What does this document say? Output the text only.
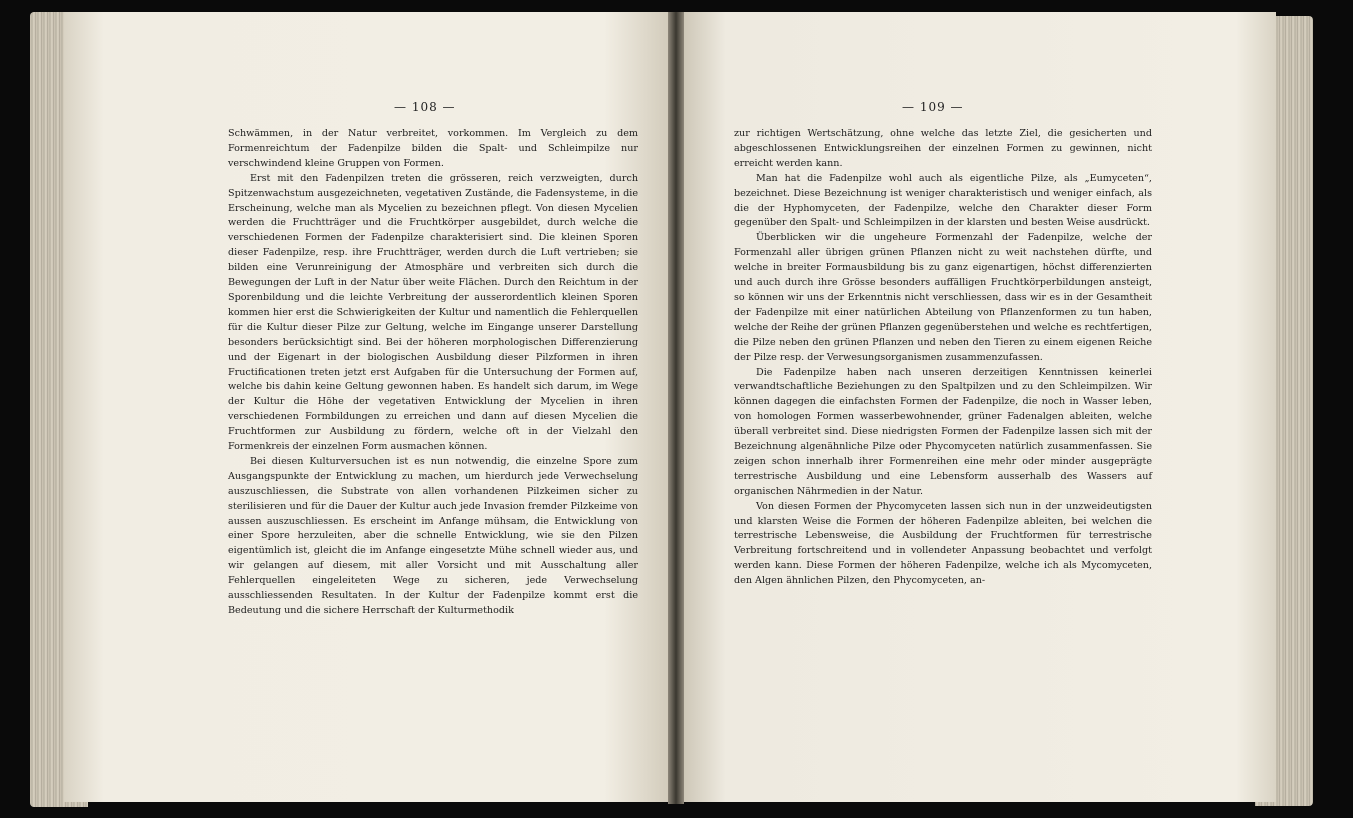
— 108 —

Schwämmen, in der Natur verbreitet, vorkommen. Im Vergleich zu dem Formenreichtum der Fadenpilze bilden die Spalt- und Schleimpilze nur verschwindend kleine Gruppen von Formen.

Erst mit den Fadenpilzen treten die grösseren, reich verzweigten, durch Spitzenwachstum ausgezeichneten, vegetativen Zustände, die Fadensysteme, in die Erscheinung, welche man als Mycelien zu bezeichnen pflegt. Von diesen Mycelien werden die Fruchtträger und die Fruchtkörper ausgebildet, durch welche die verschiedenen Formen der Fadenpilze charakterisiert sind. Die kleinen Sporen dieser Fadenpilze, resp. ihre Fruchtträger, werden durch die Luft vertrieben; sie bilden eine Verunreinigung der Atmosphäre und verbreiten sich durch die Bewegungen der Luft in der Natur über weite Flächen. Durch den Reichtum in der Sporenbildung und die leichte Verbreitung der ausserordentlich kleinen Sporen kommen hier erst die Schwierigkeiten der Kultur und namentlich die Fehlerquellen für die Kultur dieser Pilze zur Geltung, welche im Eingange unserer Darstellung besonders berücksichtigt sind. Bei der höheren morphologischen Differenzierung und der Eigenart in der biologischen Ausbildung dieser Pilzformen in ihren Fructificationen treten jetzt erst Aufgaben für die Untersuchung der Formen auf, welche bis dahin keine Geltung gewonnen haben. Es handelt sich darum, im Wege der Kultur die Höhe der vegetativen Entwicklung der Mycelien in ihren verschiedenen Formbildungen zu erreichen und dann auf diesen Mycelien die Fruchtformen zur Ausbildung zu fördern, welche oft in der Vielzahl den Formenkreis der einzelnen Form ausmachen können.

Bei diesen Kulturversuchen ist es nun notwendig, die einzelne Spore zum Ausgangspunkte der Entwicklung zu machen, um hierdurch jede Verwechselung auszuschliessen, die Substrate von allen vorhandenen Pilzkeimen sicher zu sterilisieren und für die Dauer der Kultur auch jede Invasion fremder Pilzkeime von aussen auszuschliessen. Es erscheint im Anfange mühsam, die Entwicklung von einer Spore herzuleiten, aber die schnelle Entwicklung, wie sie den Pilzen eigentümlich ist, gleicht die im Anfange eingesetzte Mühe schnell wieder aus, und wir gelangen auf diesem, mit aller Vorsicht und mit Ausschaltung aller Fehlerquellen eingeleiteten Wege zu sicheren, jede Verwechselung ausschliessenden Resultaten. In der Kultur der Fadenpilze kommt erst die Bedeutung und die sichere Herrschaft der Kulturmethodik

— 109 —

zur richtigen Wertschätzung, ohne welche das letzte Ziel, die gesicherten und abgeschlossenen Entwicklungsreihen der einzelnen Formen zu gewinnen, nicht erreicht werden kann.

Man hat die Fadenpilze wohl auch als eigentliche Pilze, als „Eumyceten“, bezeichnet. Diese Bezeichnung ist weniger charakteristisch und weniger einfach, als die der Hyphomyceten, der Fadenpilze, welche den Charakter dieser Form gegenüber den Spalt- und Schleimpilzen in der klarsten und besten Weise ausdrückt.

Überblicken wir die ungeheure Formenzahl der Fadenpilze, welche der Formenzahl aller übrigen grünen Pflanzen nicht zu weit nachstehen dürfte, und welche in breiter Formausbildung bis zu ganz eigenartigen, höchst differenzierten und auch durch ihre Grösse besonders auffälligen Fruchtkörperbildungen ansteigt, so können wir uns der Erkenntnis nicht verschliessen, dass wir es in der Gesamtheit der Fadenpilze mit einer natürlichen Abteilung von Pflanzenformen zu tun haben, welche der Reihe der grünen Pflanzen gegenüberstehen und welche es rechtfertigen, die Pilze neben den grünen Pflanzen und neben den Tieren zu einem eigenen Reiche der Pilze resp. der Verwesungsorganismen zusammenzufassen.

Die Fadenpilze haben nach unseren derzeitigen Kenntnissen keinerlei verwandtschaftliche Beziehungen zu den Spaltpilzen und zu den Schleimpilzen. Wir können dagegen die einfachsten Formen der Fadenpilze, die noch in Wasser leben, von homologen Formen wasserbewohnender, grüner Fadenalgen ableiten, welche überall verbreitet sind. Diese niedrigsten Formen der Fadenpilze lassen sich mit der Bezeichnung algenähnliche Pilze oder Phycomyceten natürlich zusammenfassen. Sie zeigen schon innerhalb ihrer Formenreihen eine mehr oder minder ausgeprägte terrestrische Ausbildung und eine Lebensform ausserhalb des Wassers auf organischen Nährmedien in der Natur.

Von diesen Formen der Phycomyceten lassen sich nun in der unzweideutigsten und klarsten Weise die Formen der höheren Fadenpilze ableiten, bei welchen die terrestrische Lebensweise, die Ausbildung der Fruchtformen für terrestrische Verbreitung fortschreitend und in vollendeter Anpassung beobachtet und verfolgt werden kann. Diese Formen der höheren Fadenpilze, welche ich als Mycomyceten, den Algen ähnlichen Pilzen, den Phycomyceten, an-
